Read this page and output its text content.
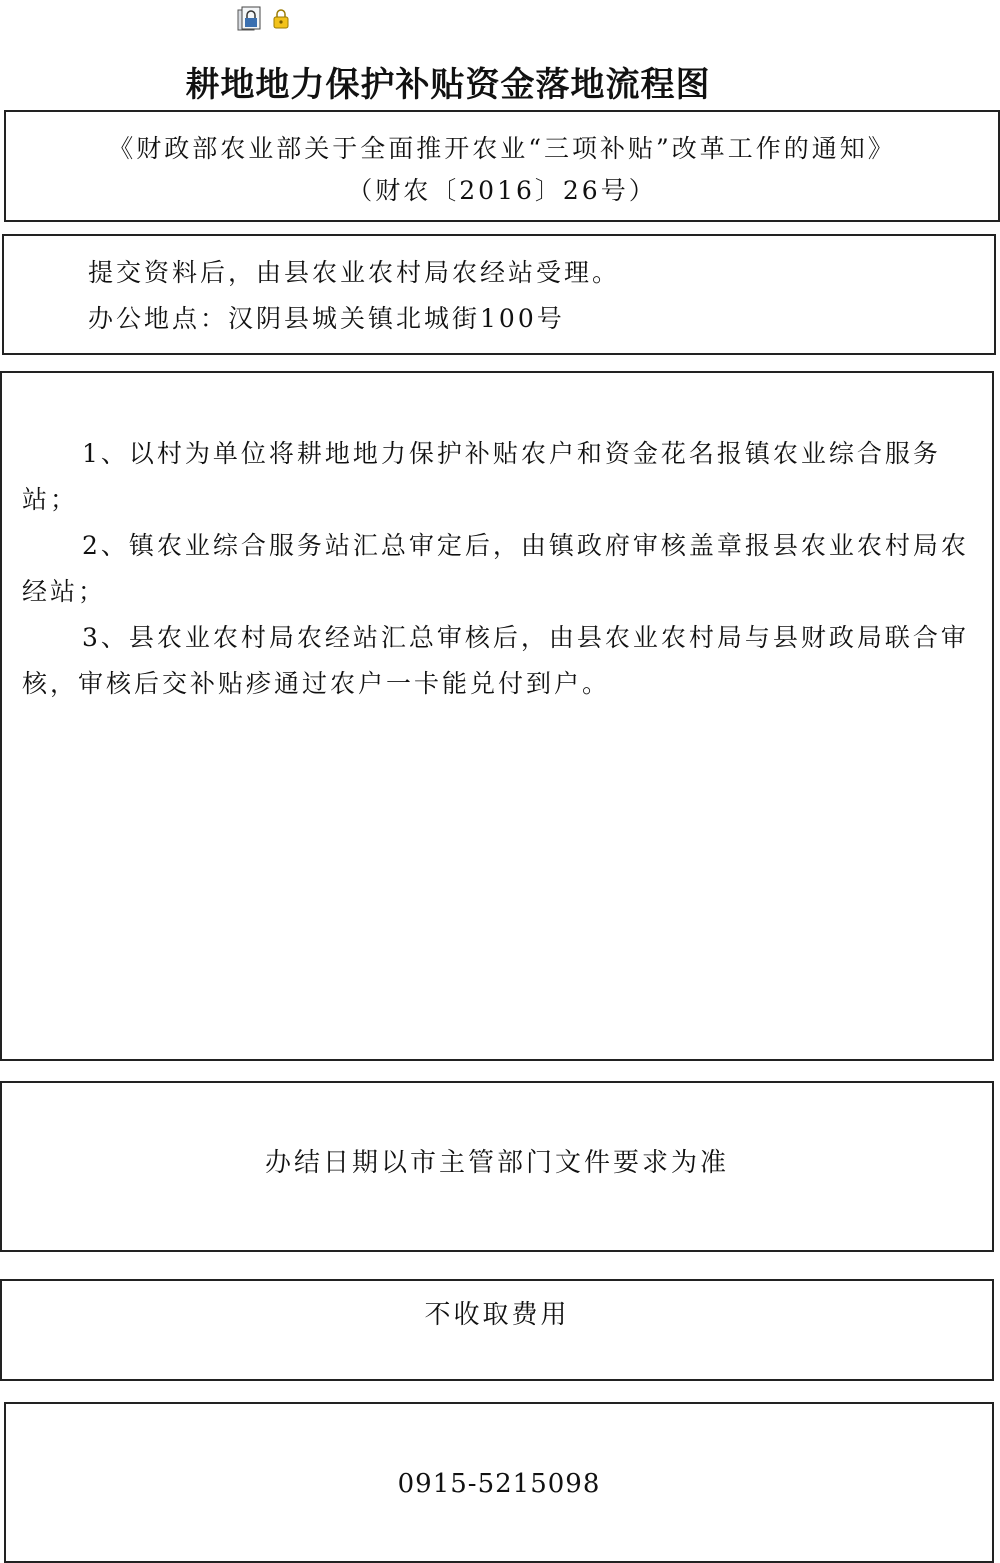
耕地地力保护补贴资金落地流程图
《财政部农业部关于全面推开农业“三项补贴”改革工作的通知》
（财农〔2016〕26号）
提交资料后，由县农业农村局农经站受理。
办公地点：汉阴县城关镇北城街100号

1、以村为单位将耕地地力保护补贴农户和资金花名报镇农业综合服务站；

2、镇农业综合服务站汇总审定后，由镇政府审核盖章报县农业农村局农经站；

3、县农业农村局农经站汇总审核后，由县农业农村局与县财政局联合审核，审核后交补贴疹通过农户一卡能兑付到户。

办结日期以市主管部门文件要求为准
不收取费用
0915-5215098
